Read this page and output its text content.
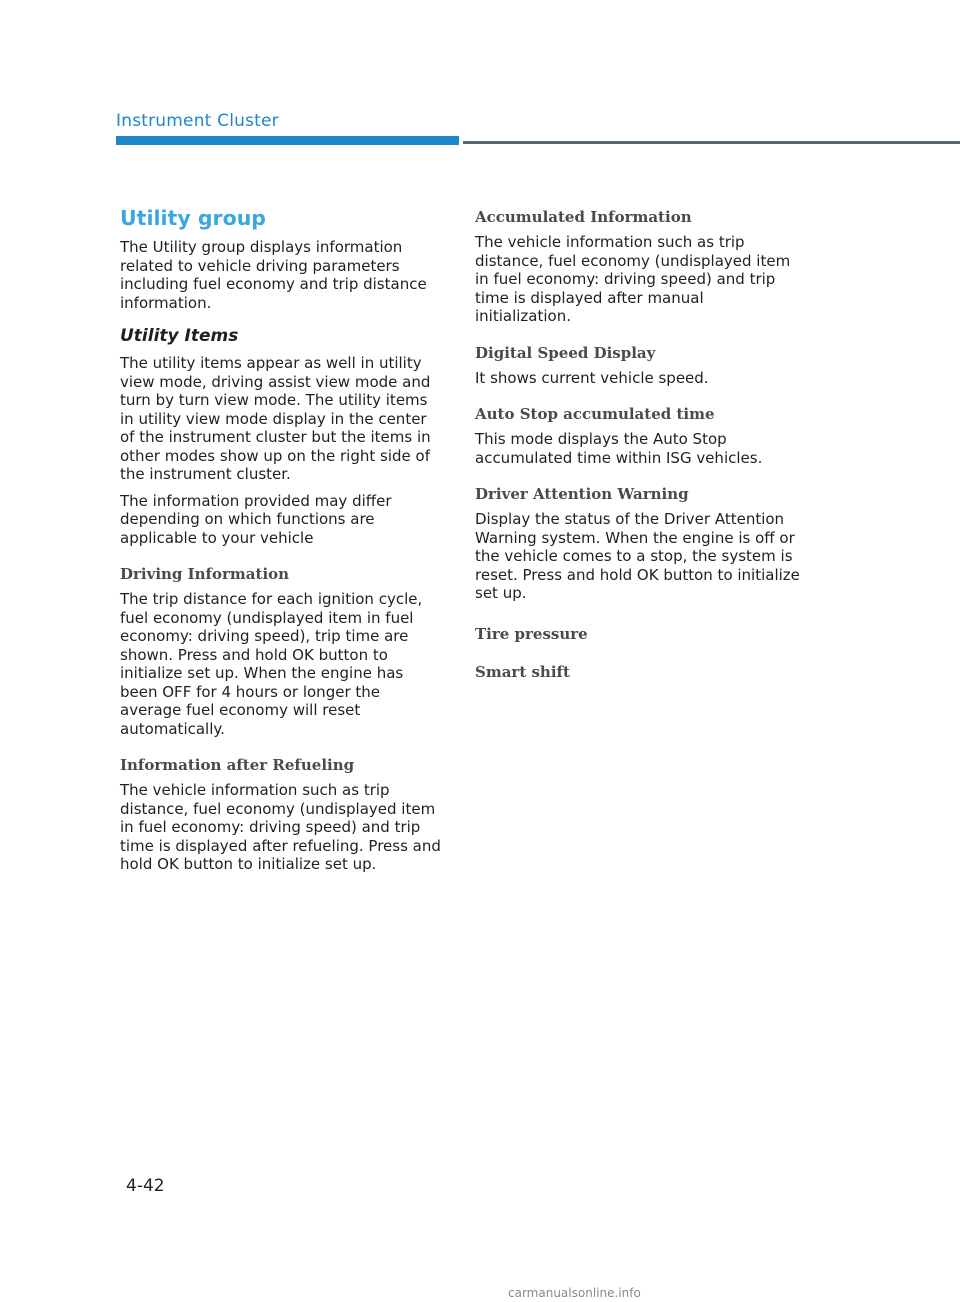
Instrument Cluster
Utility group

The Utility group displays information related to vehicle driving parameters including fuel economy and trip distance information.

Utility Items

The utility items appear as well in utility view mode, driving assist view mode and turn by turn view mode. The utility items in utility view mode display in the center of the instrument cluster but the items in other modes show up on the right side of the instrument cluster.

The information provided may differ depending on which functions are applicable to your vehicle

Driving Information

The trip distance for each ignition cycle, fuel economy (undisplayed item in fuel economy: driving speed), trip time are shown. Press and hold OK button to initialize set up. When the engine has been OFF for 4 hours or longer the average fuel economy will reset automatically.

Information after Refueling

The vehicle information such as trip distance, fuel economy (undisplayed item in fuel economy: driving speed) and trip time is displayed after refueling. Press and hold OK button to initialize set up.

Accumulated Information

The vehicle information such as trip distance, fuel economy (undisplayed item in fuel economy: driving speed) and trip time is displayed after manual initialization.

Digital Speed Display

It shows current vehicle speed.

Auto Stop accumulated time

This mode displays the Auto Stop accumulated time within ISG vehicles.

Driver Attention Warning

Display the status of the Driver Attention Warning system. When the engine is off or the vehicle comes to a stop, the system is reset. Press and hold OK button to initialize set up.

Tire pressure
Smart shift
4-42
carmanualsonline.info
